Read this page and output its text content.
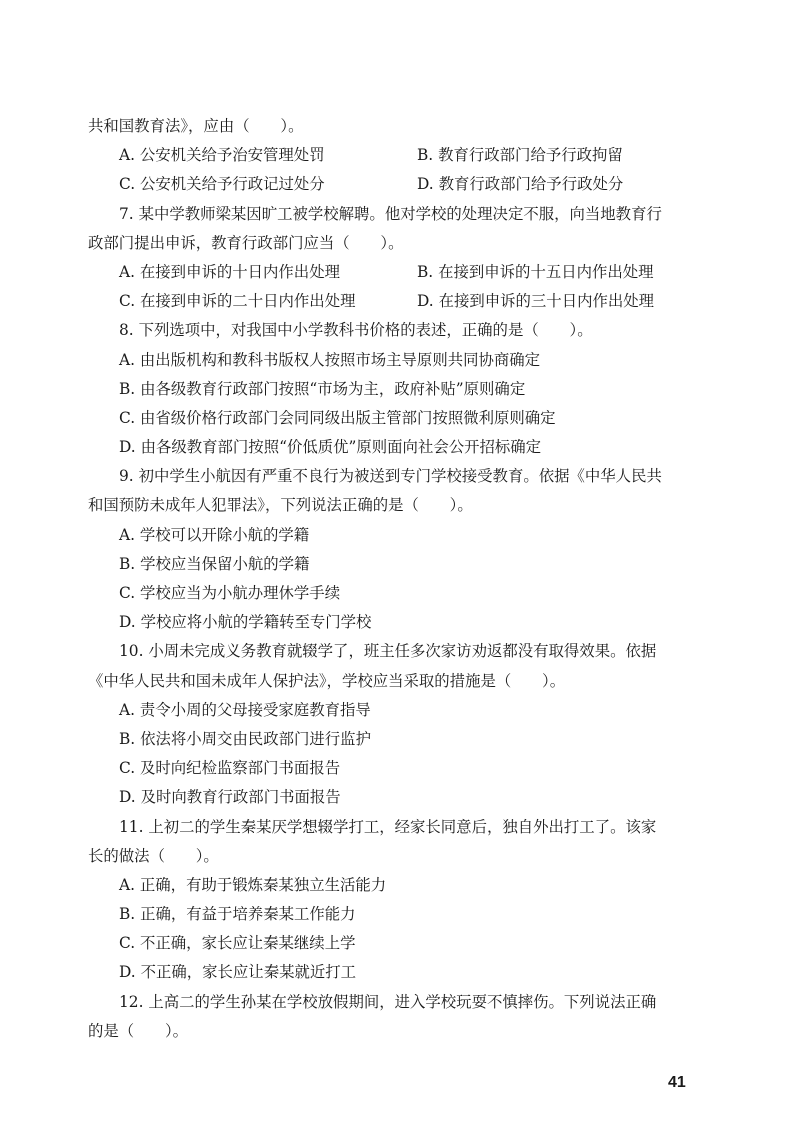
共和国教育法》，应由（　　）。
A. 公安机关给予治安管理处罚	B. 教育行政部门给予行政拘留
C. 公安机关给予行政记过处分	D. 教育行政部门给予行政处分
7. 某中学教师梁某因旷工被学校解聘。他对学校的处理决定不服，向当地教育行
政部门提出申诉，教育行政部门应当（　　）。
A. 在接到申诉的十日内作出处理	B. 在接到申诉的十五日内作出处理
C. 在接到申诉的二十日内作出处理	D. 在接到申诉的三十日内作出处理
8. 下列选项中，对我国中小学教科书价格的表述，正确的是（　　）。
A. 由出版机构和教科书版权人按照市场主导原则共同协商确定
B. 由各级教育行政部门按照“市场为主，政府补贴”原则确定
C. 由省级价格行政部门会同同级出版主管部门按照微利原则确定
D. 由各级教育部门按照“价低质优”原则面向社会公开招标确定
9. 初中学生小航因有严重不良行为被送到专门学校接受教育。依据《中华人民共
和国预防未成年人犯罪法》，下列说法正确的是（　　）。
A. 学校可以开除小航的学籍
B. 学校应当保留小航的学籍
C. 学校应当为小航办理休学手续
D. 学校应将小航的学籍转至专门学校
10. 小周未完成义务教育就辍学了，班主任多次家访劝返都没有取得效果。依据
《中华人民共和国未成年人保护法》，学校应当采取的措施是（　　）。
A. 责令小周的父母接受家庭教育指导
B. 依法将小周交由民政部门进行监护
C. 及时向纪检监察部门书面报告
D. 及时向教育行政部门书面报告
11. 上初二的学生秦某厌学想辍学打工，经家长同意后，独自外出打工了。该家
长的做法（　　）。
A. 正确，有助于锻炼秦某独立生活能力
B. 正确，有益于培养秦某工作能力
C. 不正确，家长应让秦某继续上学
D. 不正确，家长应让秦某就近打工
12. 上高二的学生孙某在学校放假期间，进入学校玩耍不慎摔伤。下列说法正确
的是（　　）。
41
